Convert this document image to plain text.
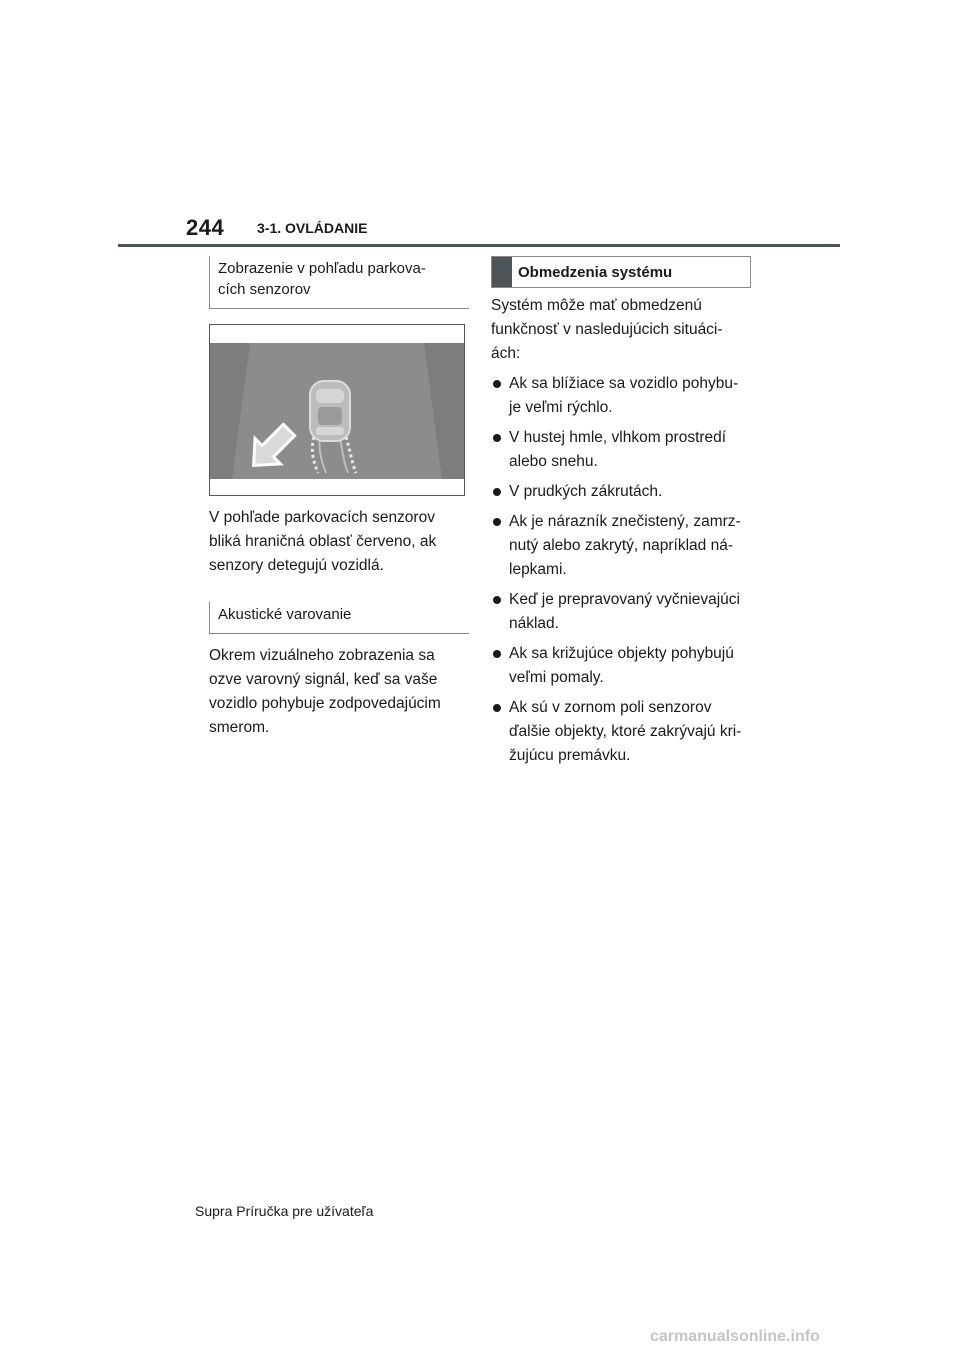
244 3-1. OVLÁDANIE
Zobrazenie v pohľadu parkova-
cích senzorov

V pohľade parkovacích senzorov
bliká hraničná oblasť červeno, ak
senzory detegujú vozidlá.

Akustické varovanie

Okrem vizuálneho zobrazenia sa
ozve varovný signál, keď sa vaše
vozidlo pohybuje zodpovedajúcim
smerom.

Obmedzenia systému

Systém môže mať obmedzenú
funkčnosť v nasledujúcich situáci-
ách:

Ak sa blížiace sa vozidlo pohybu-
je veľmi rýchlo.
V hustej hmle, vlhkom prostredí
alebo snehu.
V prudkých zákrutách.
Ak je nárazník znečistený, zamrz-
nutý alebo zakrytý, napríklad ná-
lepkami.
Keď je prepravovaný vyčnievajúci
náklad.
Ak sa križujúce objekty pohybujú
veľmi pomaly.
Ak sú v zornom poli senzorov
ďalšie objekty, ktoré zakrývajú kri-
žujúcu premávku.
Supra Príručka pre užívateľa
carmanualsonline.info
